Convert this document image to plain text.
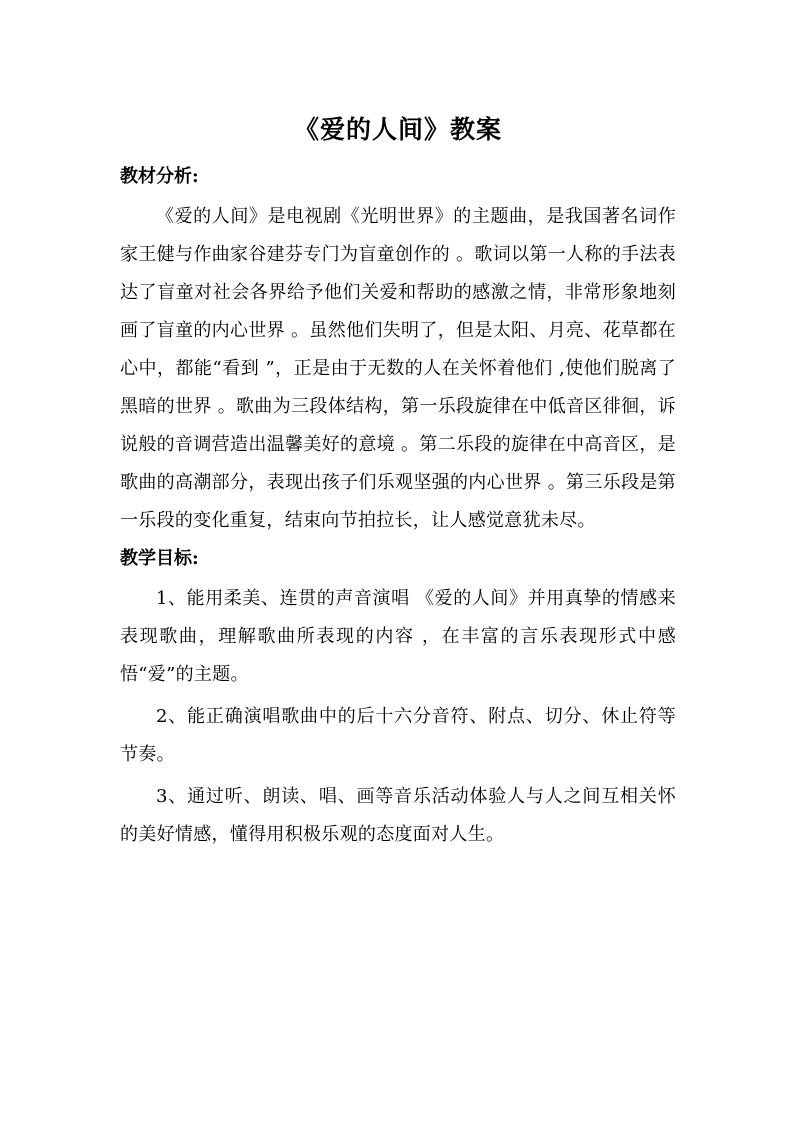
《爱的人间》教案

教材分析:

《爱的人间》是电视剧《光明世界》的主题曲，是我国著名词作家王健与作曲家谷建芬专门为盲童创作的 。歌词以第一人称的手法表达了盲童对社会各界给予他们关爱和帮助的感激之情，非常形象地刻画了盲童的内心世界 。虽然他们失明了，但是太阳、月亮、花草都在心中，都能“看到 ”，正是由于无数的人在关怀着他们 ,使他们脱离了黑暗的世界 。歌曲为三段体结构，第一乐段旋律在中低音区徘徊，诉说般的音调营造出温馨美好的意境 。第二乐段的旋律在中高音区，是歌曲的高潮部分，表现出孩子们乐观坚强的内心世界 。第三乐段是第一乐段的变化重复，结束向节拍拉长，让人感觉意犹未尽。

教学目标:

1、能用柔美、连贯的声音演唱 《爱的人间》并用真挚的情感来表现歌曲，理解歌曲所表现的内容 ，在丰富的言乐表现形式中感悟“爱”的主题。

2、能正确演唱歌曲中的后十六分音符、附点、切分、休止符等节奏。

3、通过听、朗读、唱、画等音乐活动体验人与人之间互相关怀的美好情感，懂得用积极乐观的态度面对人生。
